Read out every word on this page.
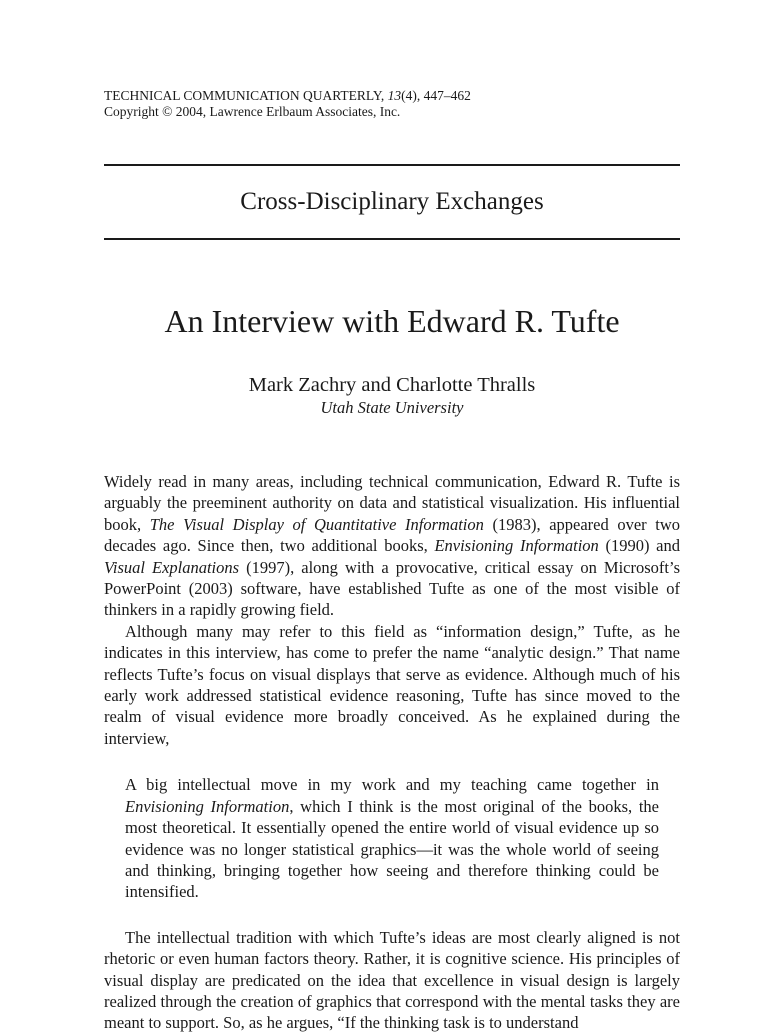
TECHNICAL COMMUNICATION QUARTERLY, 13(4), 447–462
Copyright © 2004, Lawrence Erlbaum Associates, Inc.
Cross-Disciplinary Exchanges
An Interview with Edward R. Tufte
Mark Zachry and Charlotte Thralls
Utah State University

Widely read in many areas, including technical communication, Edward R. Tufte is arguably the preeminent authority on data and statistical visualization. His influential book, The Visual Display of Quantitative Information (1983), appeared over two decades ago. Since then, two additional books, Envisioning Information (1990) and Visual Explanations (1997), along with a provocative, critical essay on Microsoft’s PowerPoint (2003) software, have established Tufte as one of the most visible of thinkers in a rapidly growing field.

Although many may refer to this field as “information design,” Tufte, as he indicates in this interview, has come to prefer the name “analytic design.” That name reflects Tufte’s focus on visual displays that serve as evidence. Although much of his early work addressed statistical evidence reasoning, Tufte has since moved to the realm of visual evidence more broadly conceived. As he explained during the interview,

A big intellectual move in my work and my teaching came together in Envisioning Information, which I think is the most original of the books, the most theoretical. It essentially opened the entire world of visual evidence up so evidence was no longer statistical graphics—it was the whole world of seeing and thinking, bringing together how seeing and therefore thinking could be intensified.

The intellectual tradition with which Tufte’s ideas are most clearly aligned is not rhetoric or even human factors theory. Rather, it is cognitive science. His principles of visual display are predicated on the idea that excellence in visual design is largely realized through the creation of graphics that correspond with the mental tasks they are meant to support. So, as he argues, “If the thinking task is to understand
